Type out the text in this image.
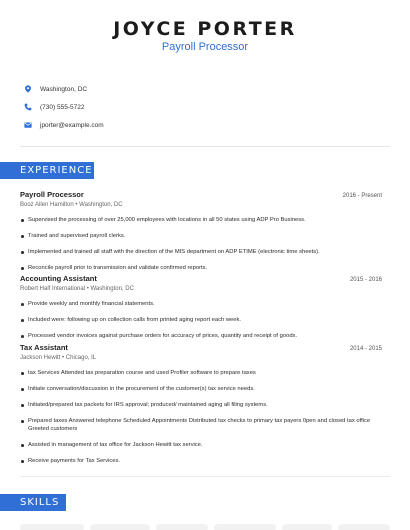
JOYCE PORTER
Payroll Processor
Washington, DC
(730) 555-5722
jporter@example.com
EXPERIENCE
Payroll Processor	2016 - Present
Booz Allen Hamilton • Washington, DC
Supervised the processing of over 25,000 employees with locations in all 50 states using ADP Pro Business.
Trained and supervised payroll clerks.
Implemented and trained all staff with the direction of the MIS department on ADP ETIME (electronic time sheets).
Reconcile payroll prior to transmission and validate confirmed reports.
Accounting Assistant	2015 - 2016
Robert Half International • Washington, DC
Provide weekly and monthly financial statements.
Included were: following up on collection calls from printed aging report each week.
Processed vendor invoices against purchase orders for accuracy of prices, quantity and receipt of goods.
Tax Assistant	2014 - 2015
Jackson Hewitt • Chicago, IL
tax Services Attended tax preparation course and used Profiler software to prepare taxes
Initiate conversation/discussion in the procurement of the customer(s) tax service needs.
Initiated/prepared tax packets for IRS approval; produced/ maintained aging all filing systems.
Prepared taxes Answered telephone Scheduled Appointments Distributed tax checks to primary tax payers 0pen and closed tax office Greeted customers
Assisted in management of tax office for Jackson Hewitt tax service.
Receive payments for Tax Services.
SKILLS
